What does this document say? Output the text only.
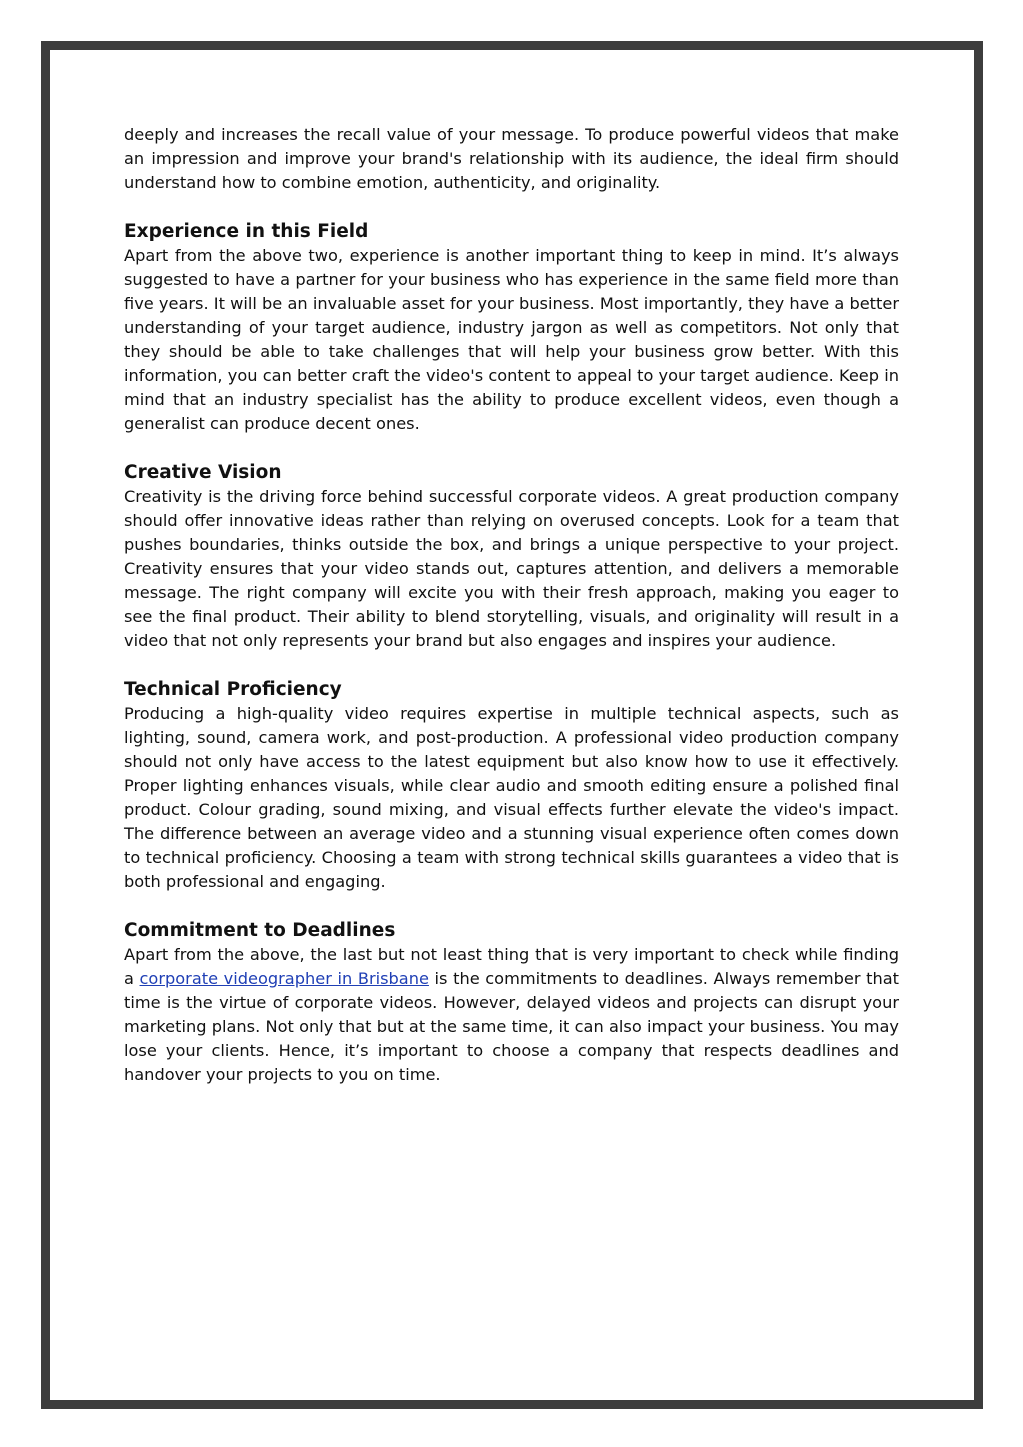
deeply and increases the recall value of your message. To produce powerful videos that make an impression and improve your brand's relationship with its audience, the ideal firm should understand how to combine emotion, authenticity, and originality.

Experience in this Field

Apart from the above two, experience is another important thing to keep in mind. It’s always suggested to have a partner for your business who has experience in the same field more than five years. It will be an invaluable asset for your business. Most importantly, they have a better understanding of your target audience, industry jargon as well as competitors. Not only that they should be able to take challenges that will help your business grow better. With this information, you can better craft the video's content to appeal to your target audience. Keep in mind that an industry specialist has the ability to produce excellent videos, even though a generalist can produce decent ones.

Creative Vision

Creativity is the driving force behind successful corporate videos. A great production company should offer innovative ideas rather than relying on overused concepts. Look for a team that pushes boundaries, thinks outside the box, and brings a unique perspective to your project. Creativity ensures that your video stands out, captures attention, and delivers a memorable message. The right company will excite you with their fresh approach, making you eager to see the final product. Their ability to blend storytelling, visuals, and originality will result in a video that not only represents your brand but also engages and inspires your audience.

Technical Proficiency

Producing a high-quality video requires expertise in multiple technical aspects, such as lighting, sound, camera work, and post-production. A professional video production company should not only have access to the latest equipment but also know how to use it effectively. Proper lighting enhances visuals, while clear audio and smooth editing ensure a polished final product. Colour grading, sound mixing, and visual effects further elevate the video's impact. The difference between an average video and a stunning visual experience often comes down to technical proficiency. Choosing a team with strong technical skills guarantees a video that is both professional and engaging.

Commitment to Deadlines

Apart from the above, the last but not least thing that is very important to check while finding a corporate videographer in Brisbane is the commitments to deadlines. Always remember that time is the virtue of corporate videos. However, delayed videos and projects can disrupt your marketing plans. Not only that but at the same time, it can also impact your business. You may lose your clients. Hence, it’s important to choose a company that respects deadlines and handover your projects to you on time.
